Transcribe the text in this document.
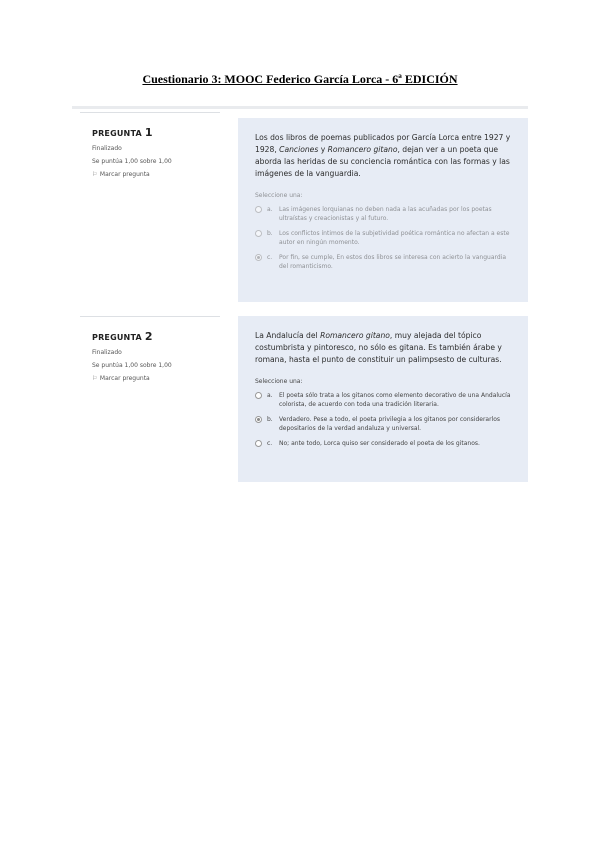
Cuestionario 3: MOOC Federico García Lorca - 6ª EDICIÓN
PREGUNTA 1
Finalizado
Se puntúa 1,00 sobre 1,00
⚐ Marcar pregunta

Los dos libros de poemas publicados por García Lorca entre 1927 y 1928, Canciones y Romancero gitano, dejan ver a un poeta que aborda las heridas de su conciencia romántica con las formas y las imágenes de la vanguardia.

Seleccione una:
a.	Las imágenes lorquianas no deben nada a las acuñadas por los poetas ultraístas y creacionistas y al futuro.
b.	Los conflictos íntimos de la subjetividad poética romántica no afectan a este autor en ningún momento.
c.	Por fin, se cumple, En estos dos libros se interesa con acierto la vanguardia del romanticismo.
PREGUNTA 2
Finalizado
Se puntúa 1,00 sobre 1,00
⚐ Marcar pregunta

La Andalucía del Romancero gitano, muy alejada del tópico costumbrista y pintoresco, no sólo es gitana. Es también árabe y romana, hasta el punto de constituir un palimpsesto de culturas.

Seleccione una:
a.	El poeta sólo trata a los gitanos como elemento decorativo de una Andalucía colorista, de acuerdo con toda una tradición literaria.
b.	Verdadero. Pese a todo, el poeta privilegia a los gitanos por considerarlos depositarios de la verdad andaluza y universal.
c.	No; ante todo, Lorca quiso ser considerado el poeta de los gitanos.
